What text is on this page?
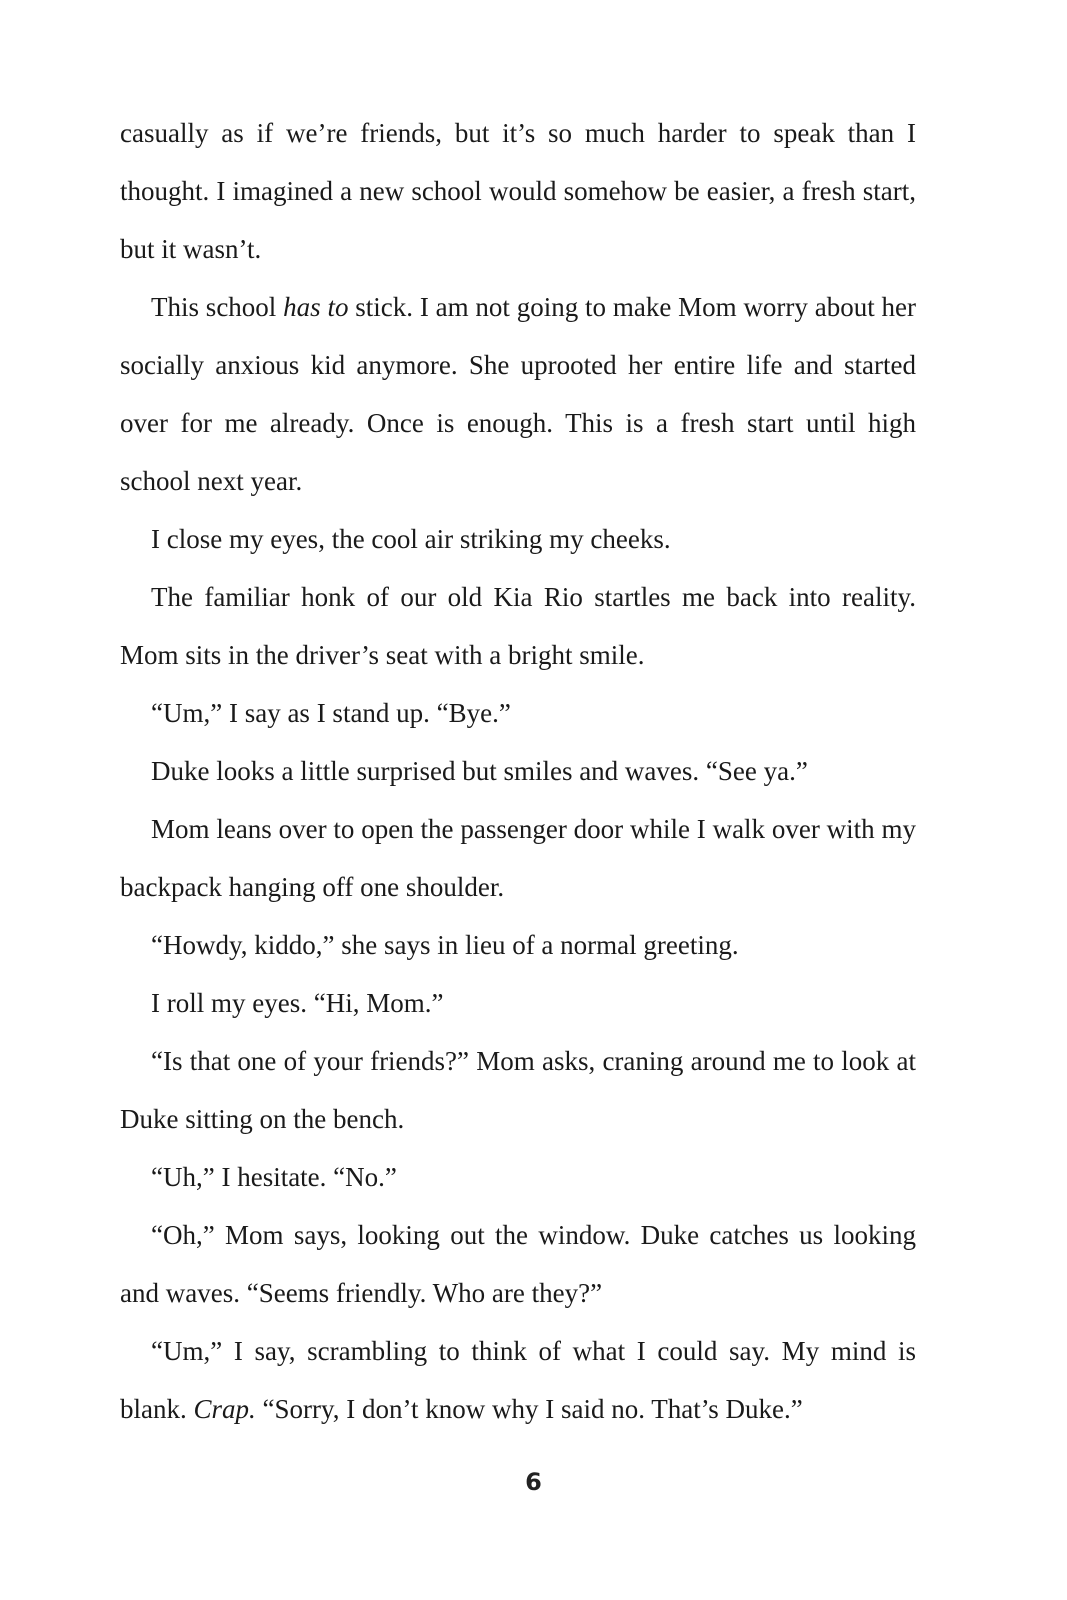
casually as if we’re friends, but it’s so much harder to speak than I thought. I imagined a new school would somehow be easier, a fresh start, but it wasn’t.

This school has to stick. I am not going to make Mom worry about her socially anxious kid anymore. She uprooted her entire life and started over for me already. Once is enough. This is a fresh start until high school next year.

I close my eyes, the cool air striking my cheeks.

The familiar honk of our old Kia Rio startles me back into reality. Mom sits in the driver’s seat with a bright smile.

“Um,” I say as I stand up. “Bye.”

Duke looks a little surprised but smiles and waves. “See ya.”

Mom leans over to open the passenger door while I walk over with my backpack hanging off one shoulder.

“Howdy, kiddo,” she says in lieu of a normal greeting.

I roll my eyes. “Hi, Mom.”

“Is that one of your friends?” Mom asks, craning around me to look at Duke sitting on the bench.

“Uh,” I hesitate. “No.”

“Oh,” Mom says, looking out the window. Duke catches us looking and waves. “Seems friendly. Who are they?”

“Um,” I say, scrambling to think of what I could say. My mind is blank. Crap. “Sorry, I don’t know why I said no. That’s Duke.”

6
